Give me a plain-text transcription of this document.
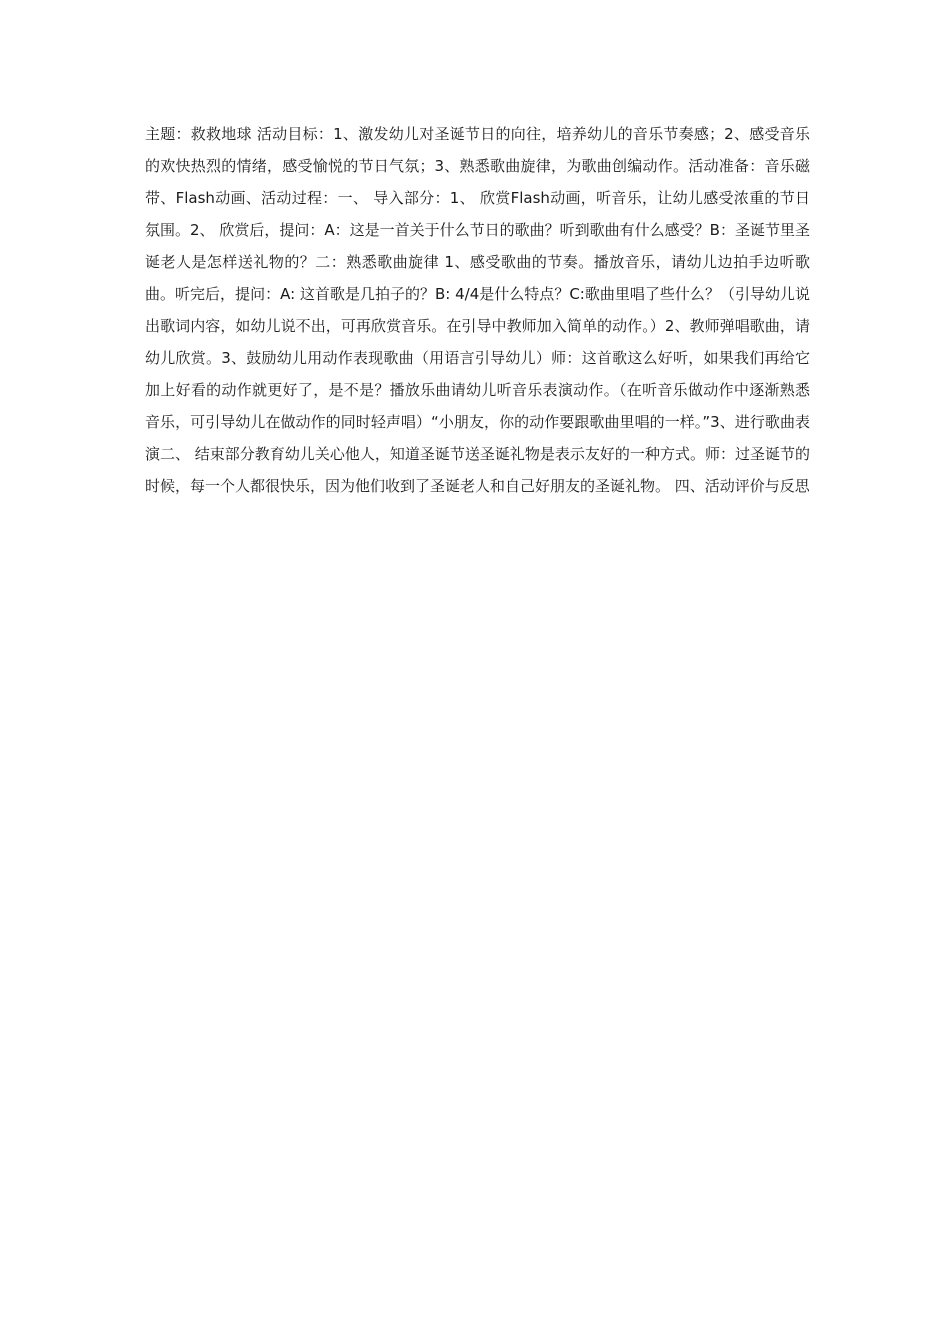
主题：救救地球 活动目标：1、激发幼儿对圣诞节日的向往，培养幼儿的音乐节奏感；2、感受音乐的欢快热烈的情绪，感受愉悦的节日气氛；3、熟悉歌曲旋律，为歌曲创编动作。活动准备：音乐磁带、Flash动画、活动过程：一、 导入部分：1、 欣赏Flash动画，听音乐，让幼儿感受浓重的节日氛围。2、 欣赏后，提问：A：这是一首关于什么节日的歌曲？听到歌曲有什么感受？B：圣诞节里圣诞老人是怎样送礼物的？二：熟悉歌曲旋律 1、感受歌曲的节奏。播放音乐，请幼儿边拍手边听歌曲。听完后，提问：A: 这首歌是几拍子的？B: 4/4是什么特点？C:歌曲里唱了些什么？（引导幼儿说出歌词内容，如幼儿说不出，可再欣赏音乐。在引导中教师加入简单的动作。）2、教师弹唱歌曲，请幼儿欣赏。3、鼓励幼儿用动作表现歌曲（用语言引导幼儿）师：这首歌这么好听，如果我们再给它加上好看的动作就更好了，是不是？播放乐曲请幼儿听音乐表演动作。（在听音乐做动作中逐渐熟悉音乐，可引导幼儿在做动作的同时轻声唱）“小朋友，你的动作要跟歌曲里唱的一样。”3、进行歌曲表演二、 结束部分教育幼儿关心他人，知道圣诞节送圣诞礼物是表示友好的一种方式。师：过圣诞节的时候，每一个人都很快乐，因为他们收到了圣诞老人和自己好朋友的圣诞礼物。 四、活动评价与反思
